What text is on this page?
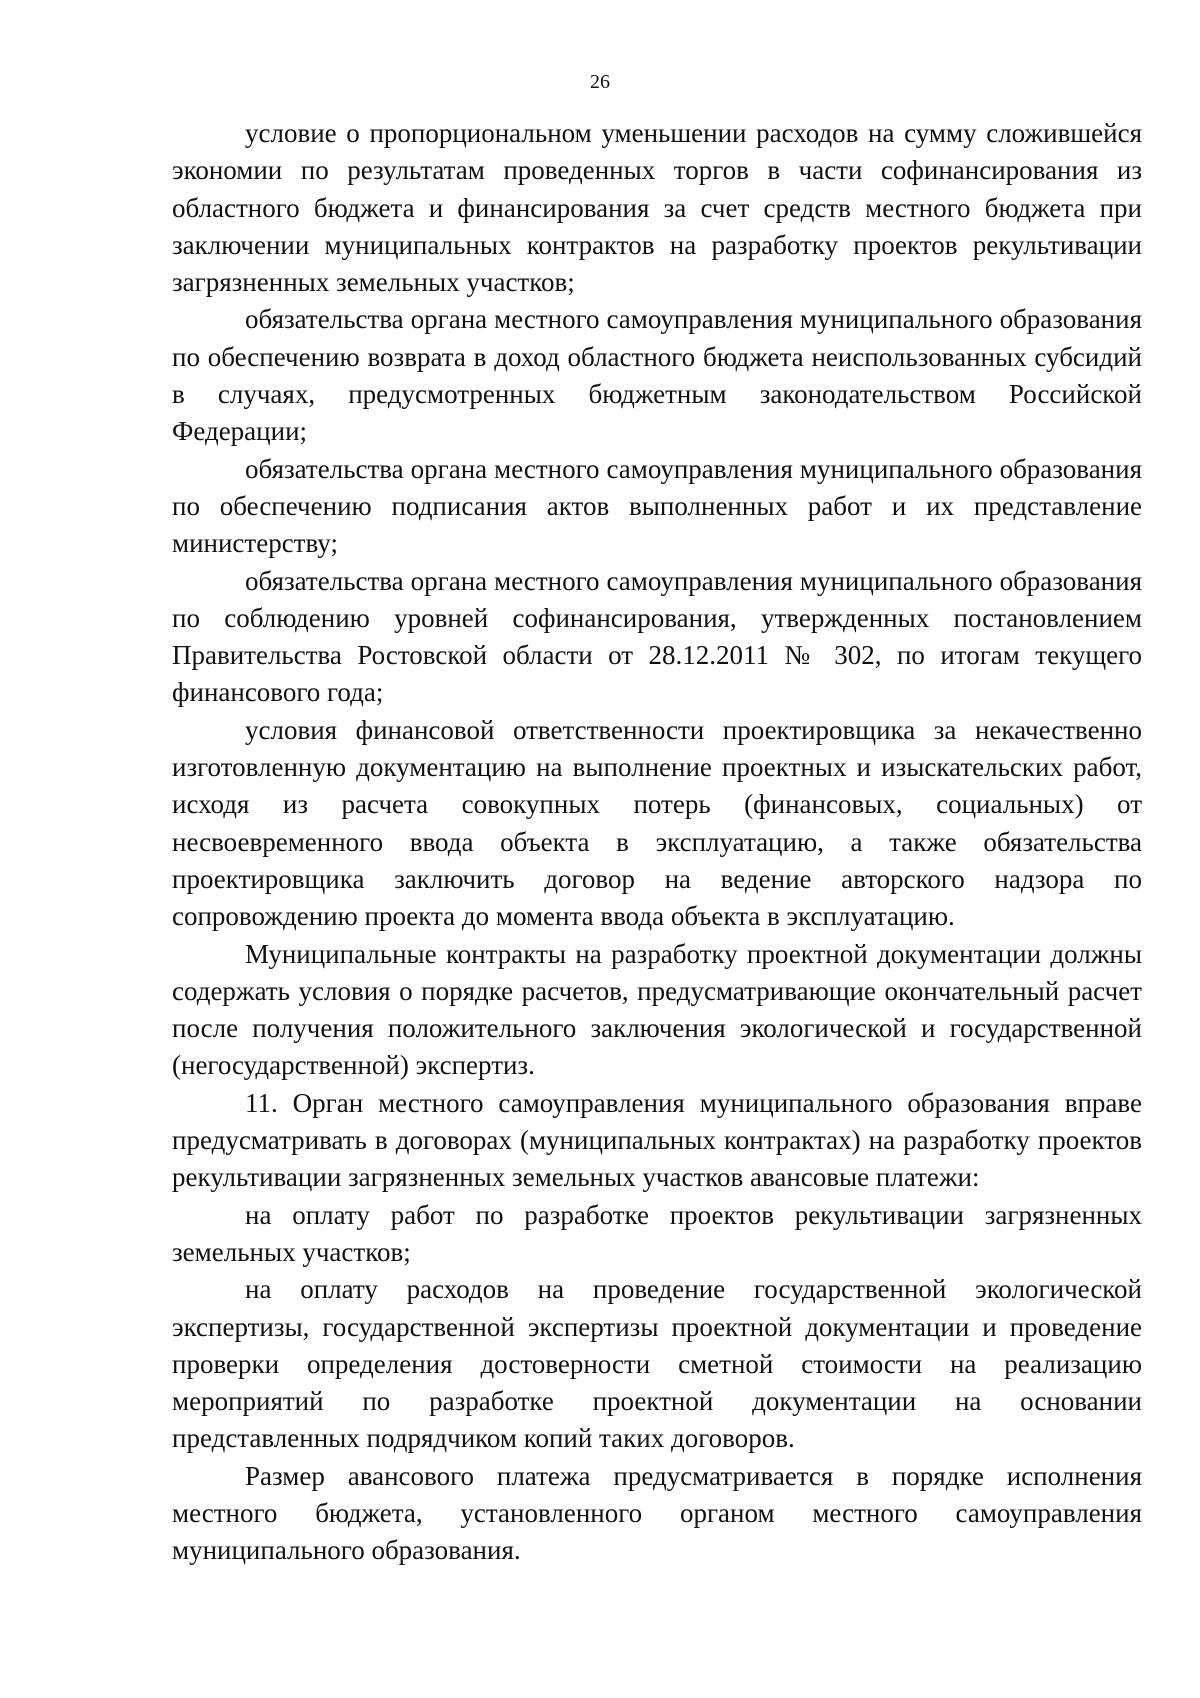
26

условие о пропорциональном уменьшении расходов на сумму сложившейся экономии по результатам проведенных торгов в части софинансирования из областного бюджета и финансирования за счет средств местного бюджета при заключении муниципальных контрактов на разработку проектов рекультивации загрязненных земельных участков;

обязательства органа местного самоуправления муниципального образования по обеспечению возврата в доход областного бюджета неиспользованных субсидий в случаях, предусмотренных бюджетным законодательством Российской Федерации;

обязательства органа местного самоуправления муниципального образования по обеспечению подписания актов выполненных работ и их представление министерству;

обязательства органа местного самоуправления муниципального образования по соблюдению уровней софинансирования, утвержденных постановлением Правительства Ростовской области от 28.12.2011 № 302, по итогам текущего финансового года;

условия финансовой ответственности проектировщика за некачественно изготовленную документацию на выполнение проектных и изыскательских работ, исходя из расчета совокупных потерь (финансовых, социальных) от несвоевременного ввода объекта в эксплуатацию, а также обязательства проектировщика заключить договор на ведение авторского надзора по сопровождению проекта до момента ввода объекта в эксплуатацию.

Муниципальные контракты на разработку проектной документации должны содержать условия о порядке расчетов, предусматривающие окончательный расчет после получения положительного заключения экологической и государственной (негосударственной) экспертиз.

11. Орган местного самоуправления муниципального образования вправе предусматривать в договорах (муниципальных контрактах) на разработку проектов рекультивации загрязненных земельных участков авансовые платежи:

на оплату работ по разработке проектов рекультивации загрязненных земельных участков;

на оплату расходов на проведение государственной экологической экспертизы, государственной экспертизы проектной документации и проведение проверки определения достоверности сметной стоимости на реализацию мероприятий по разработке проектной документации на основании представленных подрядчиком копий таких договоров.

Размер авансового платежа предусматривается в порядке исполнения местного бюджета, установленного органом местного самоуправления муниципального образования.
